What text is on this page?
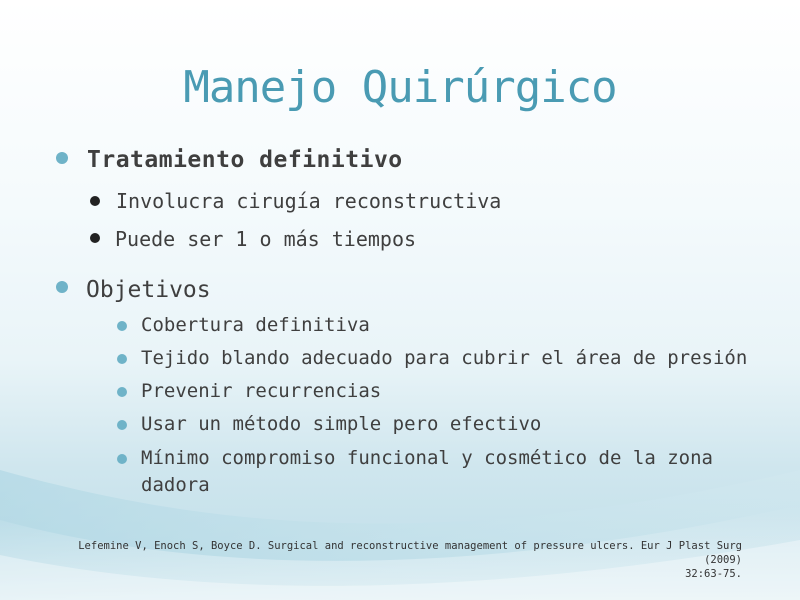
Manejo Quirúrgico
Tratamiento definitivo
Involucra cirugía reconstructiva
Puede ser 1 o más tiempos
Objetivos
Cobertura definitiva
Tejido blando adecuado para cubrir el área de presión
Prevenir recurrencias
Usar un método simple pero efectivo
Mínimo compromiso funcional y cosmético de la zona
dadora
Lefemine V, Enoch S, Boyce D. Surgical and reconstructive management of pressure ulcers. Eur J Plast Surg (2009)
32:63-75.
